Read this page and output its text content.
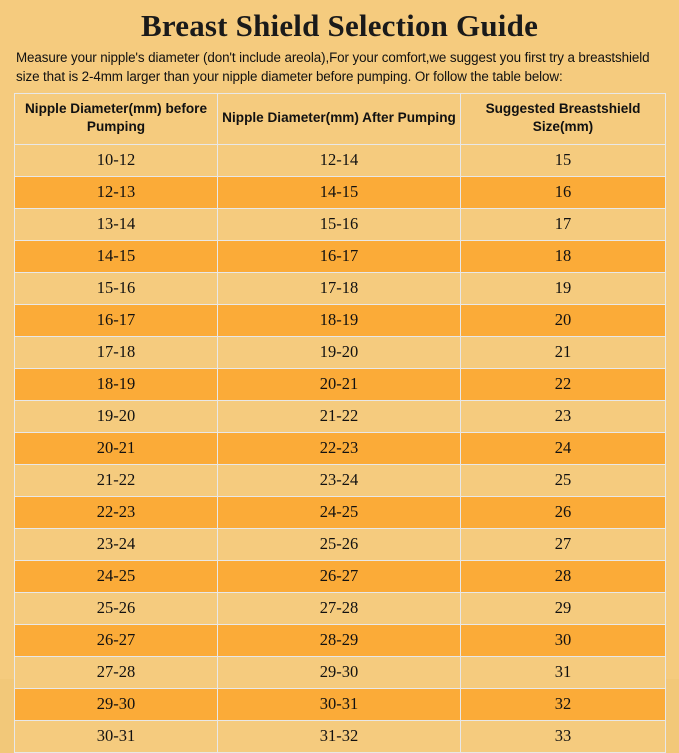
Breast Shield Selection Guide
Measure your nipple's diameter (don't include areola),For your comfort,we suggest you first try a breastshield size that is 2-4mm larger than your nipple diameter before pumping. Or follow the table below:
Nipple Diameter(mm) before Pumping	Nipple Diameter(mm) After Pumping	Suggested Breastshield Size(mm)
10-12	12-14	15
12-13	14-15	16
13-14	15-16	17
14-15	16-17	18
15-16	17-18	19
16-17	18-19	20
17-18	19-20	21
18-19	20-21	22
19-20	21-22	23
20-21	22-23	24
21-22	23-24	25
22-23	24-25	26
23-24	25-26	27
24-25	26-27	28
25-26	27-28	29
26-27	28-29	30
27-28	29-30	31
29-30	30-31	32
30-31	31-32	33
